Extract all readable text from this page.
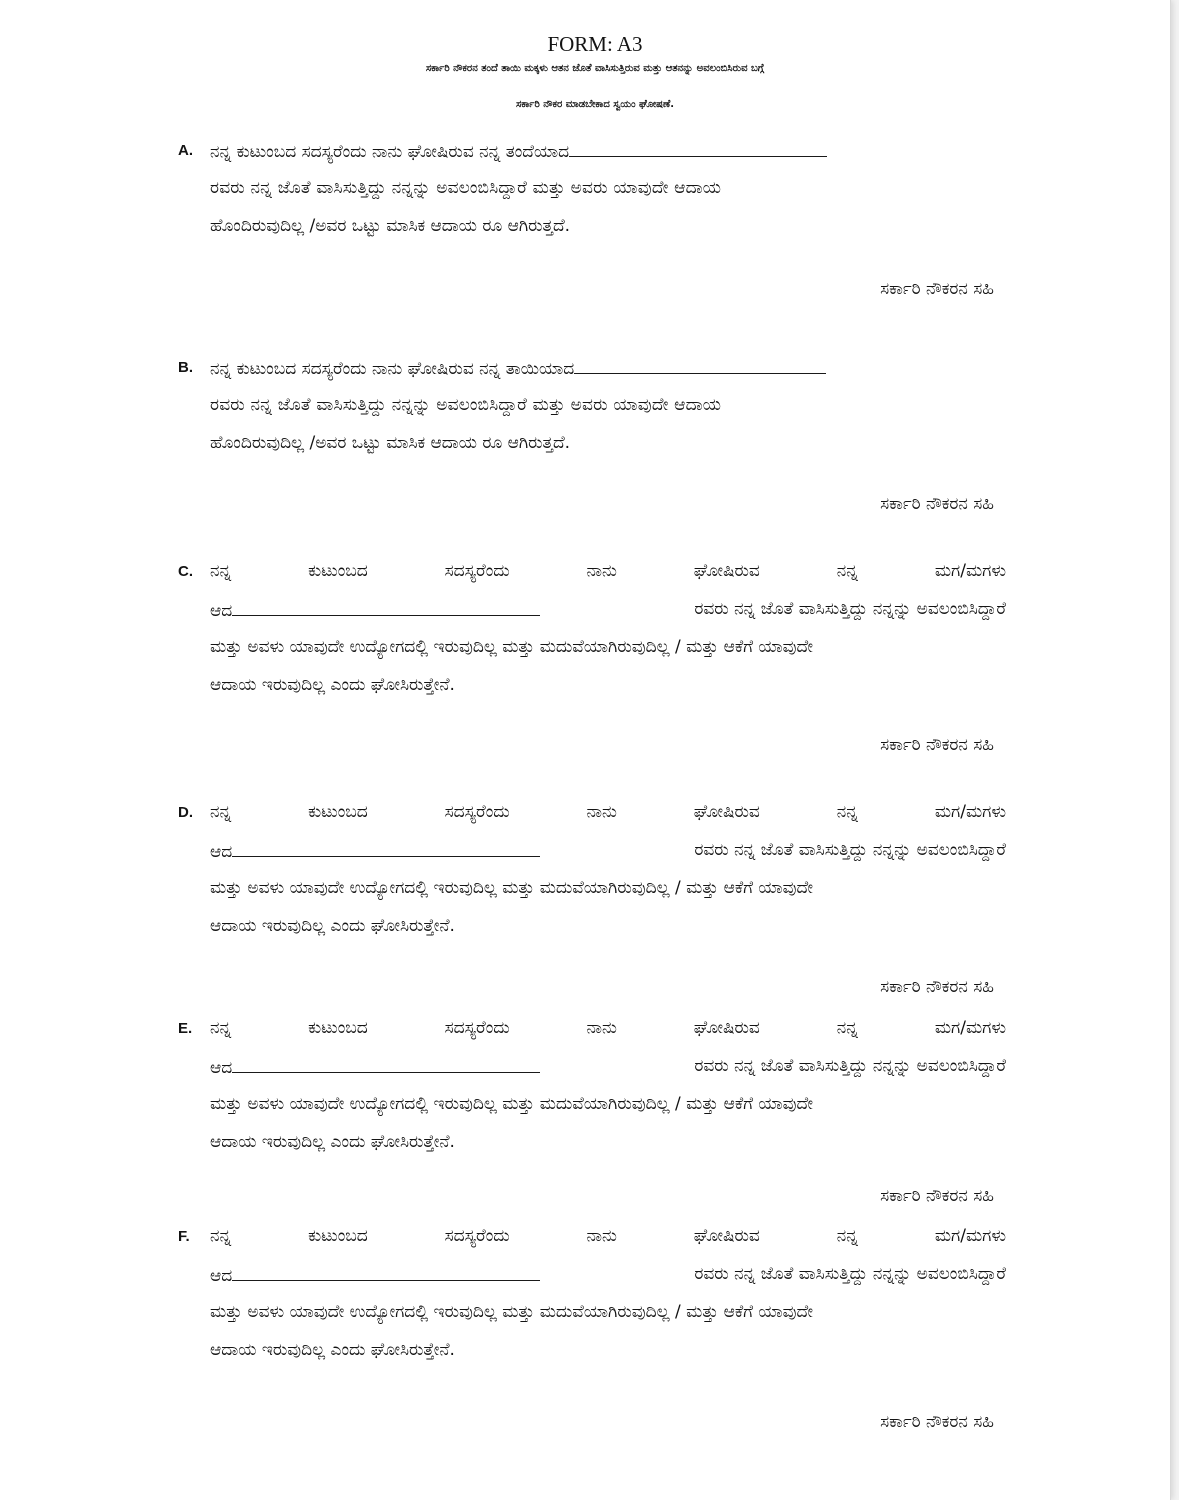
FORM: A3
ಸರ್ಕಾರಿ ನೌಕರನ ತಂದೆ ತಾಯಿ ಮಕ್ಕಳು ಆತನ ಜೊತೆ ವಾಸಿಸುತ್ತಿರುವ ಮತ್ತು ಆತನನ್ನು ಅವಲಂಬಿಸಿರುವ ಬಗ್ಗೆ
ಸರ್ಕಾರಿ ನೌಕರ ಮಾಡಬೇಕಾದ ಸ್ವಯಂ ಘೋಷಣೆ.
A. ನನ್ನ ಕುಟುಂಬದ ಸದಸ್ಯರೆಂದು ನಾನು ಘೋಷಿರುವ ನನ್ನ ತಂದೆಯಾದ
ರವರು ನನ್ನ ಜೊತೆ ವಾಸಿಸುತ್ತಿದ್ದು ನನ್ನನ್ನು ಅವಲಂಬಿಸಿದ್ದಾರೆ ಮತ್ತು ಅವರು ಯಾವುದೇ ಆದಾಯ
ಹೊಂದಿರುವುದಿಲ್ಲ /ಅವರ ಒಟ್ಟು ಮಾಸಿಕ ಆದಾಯ ರೂ ಆಗಿರುತ್ತದೆ.
ಸರ್ಕಾರಿ ನೌಕರನ ಸಹಿ
B. ನನ್ನ ಕುಟುಂಬದ ಸದಸ್ಯರೆಂದು ನಾನು ಘೋಷಿರುವ ನನ್ನ ತಾಯಿಯಾದ
ರವರು ನನ್ನ ಜೊತೆ ವಾಸಿಸುತ್ತಿದ್ದು ನನ್ನನ್ನು ಅವಲಂಬಿಸಿದ್ದಾರೆ ಮತ್ತು ಅವರು ಯಾವುದೇ ಆದಾಯ
ಹೊಂದಿರುವುದಿಲ್ಲ /ಅವರ ಒಟ್ಟು ಮಾಸಿಕ ಆದಾಯ ರೂ ಆಗಿರುತ್ತದೆ.
ಸರ್ಕಾರಿ ನೌಕರನ ಸಹಿ
C. ನನ್ನ	ಕುಟುಂಬದ	ಸದಸ್ಯರೆಂದು	ನಾನು	ಘೋಷಿರುವ	ನನ್ನ	ಮಗ/ಮಗಳು
ಆದ	ರವರು ನನ್ನ ಜೊತೆ ವಾಸಿಸುತ್ತಿದ್ದು ನನ್ನನ್ನು ಅವಲಂಬಿಸಿದ್ದಾರೆ
ಮತ್ತು ಅವಳು ಯಾವುದೇ ಉದ್ಯೋಗದಲ್ಲಿ ಇರುವುದಿಲ್ಲ ಮತ್ತು ಮದುವೆಯಾಗಿರುವುದಿಲ್ಲ / ಮತ್ತು ಆಕೆಗೆ ಯಾವುದೇ
ಆದಾಯ ಇರುವುದಿಲ್ಲ ಎಂದು ಘೋಸಿರುತ್ತೇನೆ.
ಸರ್ಕಾರಿ ನೌಕರನ ಸಹಿ
D. ನನ್ನ	ಕುಟುಂಬದ	ಸದಸ್ಯರೆಂದು	ನಾನು	ಘೋಷಿರುವ	ನನ್ನ	ಮಗ/ಮಗಳು
ಆದ	ರವರು ನನ್ನ ಜೊತೆ ವಾಸಿಸುತ್ತಿದ್ದು ನನ್ನನ್ನು ಅವಲಂಬಿಸಿದ್ದಾರೆ
ಮತ್ತು ಅವಳು ಯಾವುದೇ ಉದ್ಯೋಗದಲ್ಲಿ ಇರುವುದಿಲ್ಲ ಮತ್ತು ಮದುವೆಯಾಗಿರುವುದಿಲ್ಲ / ಮತ್ತು ಆಕೆಗೆ ಯಾವುದೇ
ಆದಾಯ ಇರುವುದಿಲ್ಲ ಎಂದು ಘೋಸಿರುತ್ತೇನೆ.
ಸರ್ಕಾರಿ ನೌಕರನ ಸಹಿ
E. ನನ್ನ	ಕುಟುಂಬದ	ಸದಸ್ಯರೆಂದು	ನಾನು	ಘೋಷಿರುವ	ನನ್ನ	ಮಗ/ಮಗಳು
ಆದ	ರವರು ನನ್ನ ಜೊತೆ ವಾಸಿಸುತ್ತಿದ್ದು ನನ್ನನ್ನು ಅವಲಂಬಿಸಿದ್ದಾರೆ
ಮತ್ತು ಅವಳು ಯಾವುದೇ ಉದ್ಯೋಗದಲ್ಲಿ ಇರುವುದಿಲ್ಲ ಮತ್ತು ಮದುವೆಯಾಗಿರುವುದಿಲ್ಲ / ಮತ್ತು ಆಕೆಗೆ ಯಾವುದೇ
ಆದಾಯ ಇರುವುದಿಲ್ಲ ಎಂದು ಘೋಸಿರುತ್ತೇನೆ.
ಸರ್ಕಾರಿ ನೌಕರನ ಸಹಿ
F. ನನ್ನ	ಕುಟುಂಬದ	ಸದಸ್ಯರೆಂದು	ನಾನು	ಘೋಷಿರುವ	ನನ್ನ	ಮಗ/ಮಗಳು
ಆದ	ರವರು ನನ್ನ ಜೊತೆ ವಾಸಿಸುತ್ತಿದ್ದು ನನ್ನನ್ನು ಅವಲಂಬಿಸಿದ್ದಾರೆ
ಮತ್ತು ಅವಳು ಯಾವುದೇ ಉದ್ಯೋಗದಲ್ಲಿ ಇರುವುದಿಲ್ಲ ಮತ್ತು ಮದುವೆಯಾಗಿರುವುದಿಲ್ಲ / ಮತ್ತು ಆಕೆಗೆ ಯಾವುದೇ
ಆದಾಯ ಇರುವುದಿಲ್ಲ ಎಂದು ಘೋಸಿರುತ್ತೇನೆ.
ಸರ್ಕಾರಿ ನೌಕರನ ಸಹಿ
